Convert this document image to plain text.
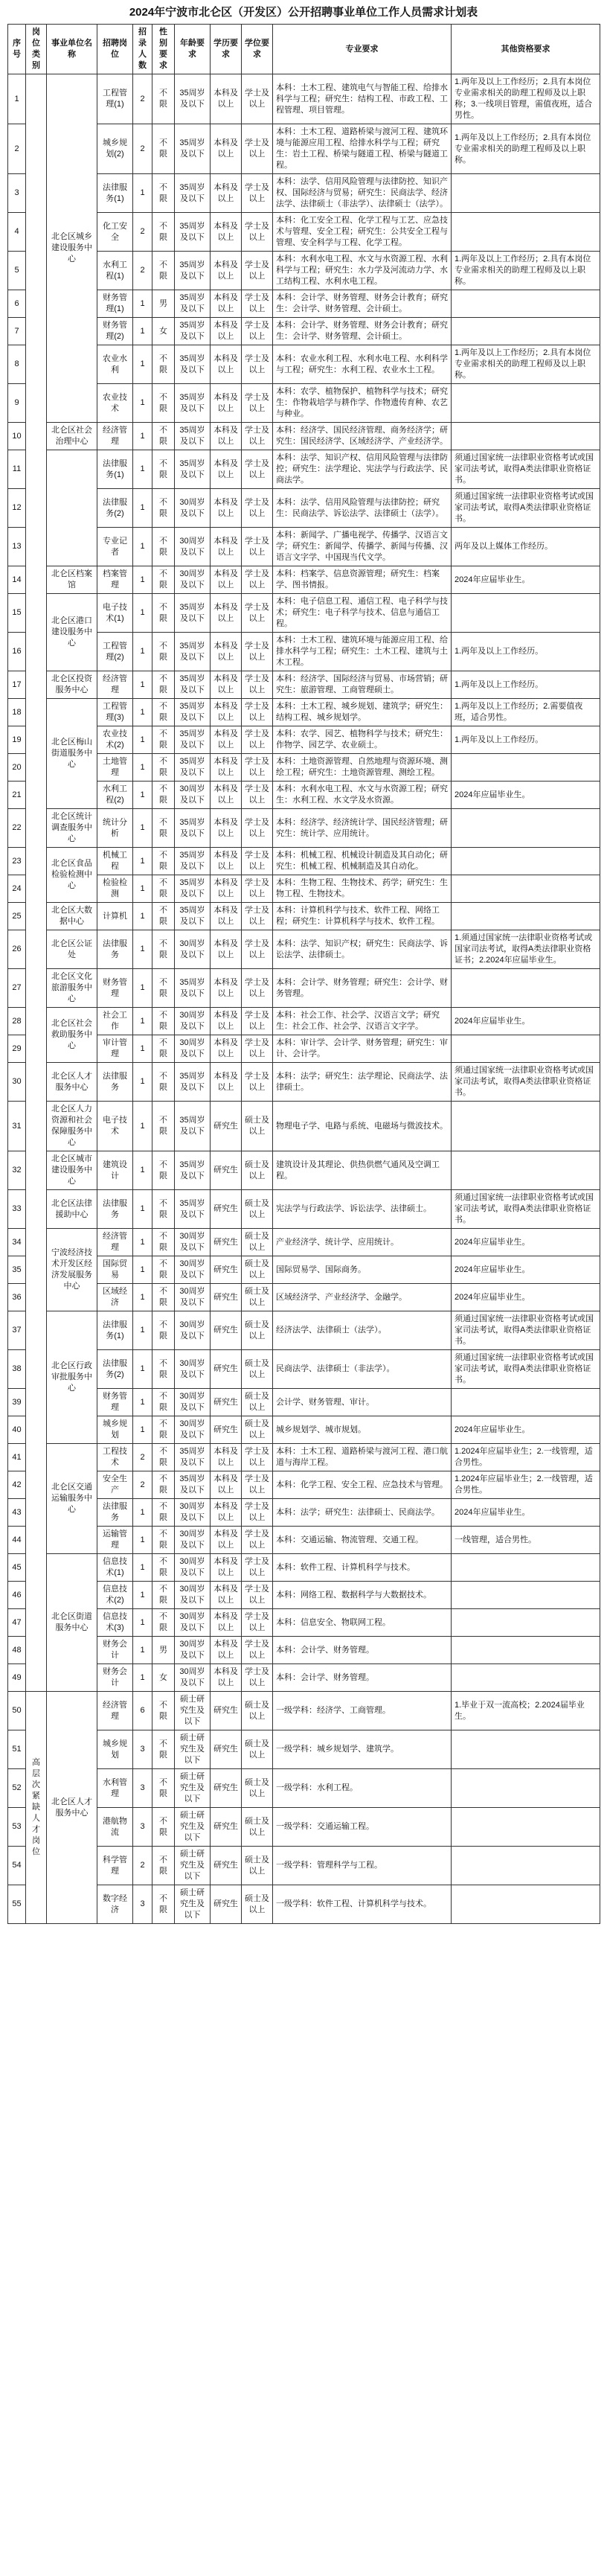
2024年宁波市北仑区（开发区）公开招聘事业单位工作人员需求计划表
序号	岗位类别	事业单位名称	招聘岗位	招录人数	性别要求	年龄要求	学历要求	学位要求	专业要求	其他资格要求
1		北仑区城乡建设服务中心	工程管理(1)	2	不限	35周岁及以下	本科及以上	学士及以上	本科：土木工程、建筑电气与智能工程、给排水科学与工程；研究生：结构工程、市政工程、工程管理、项目管理。	1.两年及以上工作经历；2.具有本岗位专业需求相关的助理工程师及以上职称；3.一线项目管理，需值夜班，适合男性。
2			城乡规划(2)	2	不限	35周岁及以下	本科及以上	学士及以上	本科：土木工程、道路桥梁与渡河工程、建筑环境与能源应用工程、给排水科学与工程；研究生：岩土工程、桥梁与隧道工程、桥梁与隧道工程。	1.两年及以上工作经历；2.具有本岗位专业需求相关的助理工程师及以上职称。
3			法律服务(1)	1	不限	35周岁及以下	本科及以上	学士及以上	本科：法学、信用风险管理与法律防控、知识产权、国际经济与贸易；研究生：民商法学、经济法学、法律硕士（非法学）、法律硕士（法学）。	
4			化工安全	2	不限	35周岁及以下	本科及以上	学士及以上	本科：化工安全工程、化学工程与工艺、应急技术与管理、安全工程；研究生：公共安全工程与管理、安全科学与工程、化学工程。	
5			水利工程(1)	2	不限	35周岁及以下	本科及以上	学士及以上	本科：水利水电工程、水文与水资源工程、水利科学与工程；研究生：水力学及河流动力学、水工结构工程、水利水电工程。	1.两年及以上工作经历；2.具有本岗位专业需求相关的助理工程师及以上职称。
6			财务管理(1)	1	男	35周岁及以下	本科及以上	学士及以上	本科：会计学、财务管理、财务会计教育；研究生：会计学、财务管理、会计硕士。	
7			财务管理(2)	1	女	35周岁及以下	本科及以上	学士及以上	本科：会计学、财务管理、财务会计教育；研究生：会计学、财务管理、会计硕士。	
8			农业水利	1	不限	35周岁及以下	本科及以上	学士及以上	本科：农业水利工程、水利水电工程、水利科学与工程；研究生：水利工程、农业水土工程。	1.两年及以上工作经历；2.具有本岗位专业需求相关的助理工程师及以上职称。
9			农业技术	1	不限	35周岁及以下	本科及以上	学士及以上	本科：农学、植物保护、植物科学与技术；研究生：作物栽培学与耕作学、作物遗传育种、农艺与种业。	
10		北仑区社会治理中心	经济管理	1	不限	35周岁及以下	本科及以上	学士及以上	本科：经济学、国民经济管理、商务经济学；研究生：国民经济学、区域经济学、产业经济学。	
11			法律服务(1)	1	不限	35周岁及以下	本科及以上	学士及以上	本科：法学、知识产权、信用风险管理与法律防控；研究生：法学理论、宪法学与行政法学、民商法学。	须通过国家统一法律职业资格考试或国家司法考试，取得A类法律职业资格证书。
12			法律服务(2)	1	不限	30周岁及以下	本科及以上	学士及以上	本科：法学、信用风险管理与法律防控；研究生：民商法学、诉讼法学、法律硕士（法学）。	须通过国家统一法律职业资格考试或国家司法考试，取得A类法律职业资格证书。
13			专业记者	1	不限	30周岁及以下	本科及以上	学士及以上	本科：新闻学、广播电视学、传播学、汉语言文学；研究生：新闻学、传播学、新闻与传播、汉语言文字学、中国现当代文学。	两年及以上媒体工作经历。
14		北仑区档案馆	档案管理	1	不限	30周岁及以下	本科及以上	学士及以上	本科：档案学、信息资源管理；研究生：档案学、图书情报。	2024年应届毕业生。
15		北仑区港口建设服务中心	电子技术(1)	1	不限	35周岁及以下	本科及以上	学士及以上	本科：电子信息工程、通信工程、电子科学与技术；研究生：电子科学与技术、信息与通信工程。	
16			工程管理(2)	1	不限	35周岁及以下	本科及以上	学士及以上	本科：土木工程、建筑环境与能源应用工程、给排水科学与工程；研究生：土木工程、建筑与土木工程。	1.两年及以上工作经历。
17		北仑区投资服务中心	经济管理	1	不限	35周岁及以下	本科及以上	学士及以上	本科：经济学、国际经济与贸易、市场营销；研究生：旅游管理、工商管理硕士。	1.两年及以上工作经历。
18		北仑区梅山街道服务中心	工程管理(3)	1	不限	35周岁及以下	本科及以上	学士及以上	本科：土木工程、城乡规划、建筑学；研究生：结构工程、城乡规划学。	1.两年及以上工作经历；2.需要值夜班，适合男性。
19			农业技术(2)	1	不限	35周岁及以下	本科及以上	学士及以上	本科：农学、园艺、植物科学与技术；研究生：作物学、园艺学、农业硕士。	1.两年及以上工作经历。
20			土地管理	1	不限	35周岁及以下	本科及以上	学士及以上	本科：土地资源管理、自然地理与资源环境、测绘工程；研究生：土地资源管理、测绘工程。	
21			水利工程(2)	1	不限	30周岁及以下	本科及以上	学士及以上	本科：水利水电工程、水文与水资源工程；研究生：水利工程、水文学及水资源。	2024年应届毕业生。
22		北仑区统计调查服务中心	统计分析	1	不限	35周岁及以下	本科及以上	学士及以上	本科：经济学、经济统计学、国民经济管理；研究生：统计学、应用统计。	
23		北仑区食品检验检测中心	机械工程	1	不限	35周岁及以下	本科及以上	学士及以上	本科：机械工程、机械设计制造及其自动化；研究生：机械工程、机械制造及其自动化。	
24			检验检测	1	不限	35周岁及以下	本科及以上	学士及以上	本科：生物工程、生物技术、药学；研究生：生物工程、生物技术。	
25		北仑区大数据中心	计算机	1	不限	35周岁及以下	本科及以上	学士及以上	本科：计算机科学与技术、软件工程、网络工程；研究生：计算机科学与技术、软件工程。	
26		北仑区公证处	法律服务	1	不限	30周岁及以下	本科及以上	学士及以上	本科：法学、知识产权；研究生：民商法学、诉讼法学、法律硕士。	1.须通过国家统一法律职业资格考试或国家司法考试，取得A类法律职业资格证书；2.2024年应届毕业生。
27		北仑区文化旅游服务中心	财务管理	1	不限	35周岁及以下	本科及以上	学士及以上	本科：会计学、财务管理；研究生：会计学、财务管理。	
28		北仑区社会救助服务中心	社会工作	1	不限	30周岁及以下	本科及以上	学士及以上	本科：社会工作、社会学、汉语言文学；研究生：社会工作、社会学、汉语言文字学。	2024年应届毕业生。
29			审计管理	1	不限	30周岁及以下	本科及以上	学士及以上	本科：审计学、会计学、财务管理；研究生：审计、会计学。	
30		北仑区人才服务中心	法律服务	1	不限	35周岁及以下	本科及以上	学士及以上	本科：法学；研究生：法学理论、民商法学、法律硕士。	须通过国家统一法律职业资格考试或国家司法考试，取得A类法律职业资格证书。
31		北仑区人力资源和社会保障服务中心	电子技术	1	不限	35周岁及以下	研究生	硕士及以上	物理电子学、电路与系统、电磁场与微波技术。	
32		北仑区城市建设服务中心	建筑设计	1	不限	35周岁及以下	研究生	硕士及以上	建筑设计及其理论、供热供燃气通风及空调工程。	
33		北仑区法律援助中心	法律服务	1	不限	35周岁及以下	研究生	硕士及以上	宪法学与行政法学、诉讼法学、法律硕士。	须通过国家统一法律职业资格考试或国家司法考试，取得A类法律职业资格证书。
34		宁波经济技术开发区经济发展服务中心	经济管理	1	不限	30周岁及以下	研究生	硕士及以上	产业经济学、统计学、应用统计。	2024年应届毕业生。
35			国际贸易	1	不限	30周岁及以下	研究生	硕士及以上	国际贸易学、国际商务。	2024年应届毕业生。
36			区域经济	1	不限	30周岁及以下	研究生	硕士及以上	区域经济学、产业经济学、金融学。	2024年应届毕业生。
37		北仑区行政审批服务中心	法律服务(1)	1	不限	30周岁及以下	研究生	硕士及以上	经济法学、法律硕士（法学）。	须通过国家统一法律职业资格考试或国家司法考试，取得A类法律职业资格证书。
38			法律服务(2)	1	不限	30周岁及以下	研究生	硕士及以上	民商法学、法律硕士（非法学）。	须通过国家统一法律职业资格考试或国家司法考试，取得A类法律职业资格证书。
39			财务管理	1	不限	30周岁及以下	研究生	硕士及以上	会计学、财务管理、审计。	
40			城乡规划	1	不限	30周岁及以下	研究生	硕士及以上	城乡规划学、城市规划。	2024年应届毕业生。
41		北仑区交通运输服务中心	工程技术	2	不限	35周岁及以下	本科及以上	学士及以上	本科：土木工程、道路桥梁与渡河工程、港口航道与海岸工程。	1.2024年应届毕业生；2.一线管理，适合男性。
42			安全生产	2	不限	35周岁及以下	本科及以上	学士及以上	本科：化学工程、安全工程、应急技术与管理。	1.2024年应届毕业生；2.一线管理，适合男性。
43			法律服务	1	不限	30周岁及以下	本科及以上	学士及以上	本科：法学；研究生：法律硕士、民商法学。	2024年应届毕业生。
44			运输管理	1	不限	30周岁及以下	本科及以上	学士及以上	本科：交通运输、物流管理、交通工程。	一线管理，适合男性。
45		北仑区街道服务中心	信息技术(1)	1	不限	30周岁及以下	本科及以上	学士及以上	本科：软件工程、计算机科学与技术。	
46			信息技术(2)	1	不限	30周岁及以下	本科及以上	学士及以上	本科：网络工程、数据科学与大数据技术。	
47			信息技术(3)	1	不限	30周岁及以下	本科及以上	学士及以上	本科：信息安全、物联网工程。	
48			财务会计	1	男	30周岁及以下	本科及以上	学士及以上	本科：会计学、财务管理。	
49			财务会计	1	女	30周岁及以下	本科及以上	学士及以上	本科：会计学、财务管理。	
50	高层次紧缺人才岗位	北仑区人才服务中心	经济管理	6	不限	硕士研究生及以下	研究生	硕士及以上	一级学科：经济学、工商管理。	1.毕业于双一流高校；2.2024届毕业生。
51			城乡规划	3	不限	硕士研究生及以下	研究生	硕士及以上	一级学科：城乡规划学、建筑学。	
52			水利管理	3	不限	硕士研究生及以下	研究生	硕士及以上	一级学科：水利工程。	
53			港航物流	3	不限	硕士研究生及以下	研究生	硕士及以上	一级学科：交通运输工程。	
54			科学管理	2	不限	硕士研究生及以下	研究生	硕士及以上	一级学科：管理科学与工程。	
55			数字经济	3	不限	硕士研究生及以下	研究生	硕士及以上	一级学科：软件工程、计算机科学与技术。	
